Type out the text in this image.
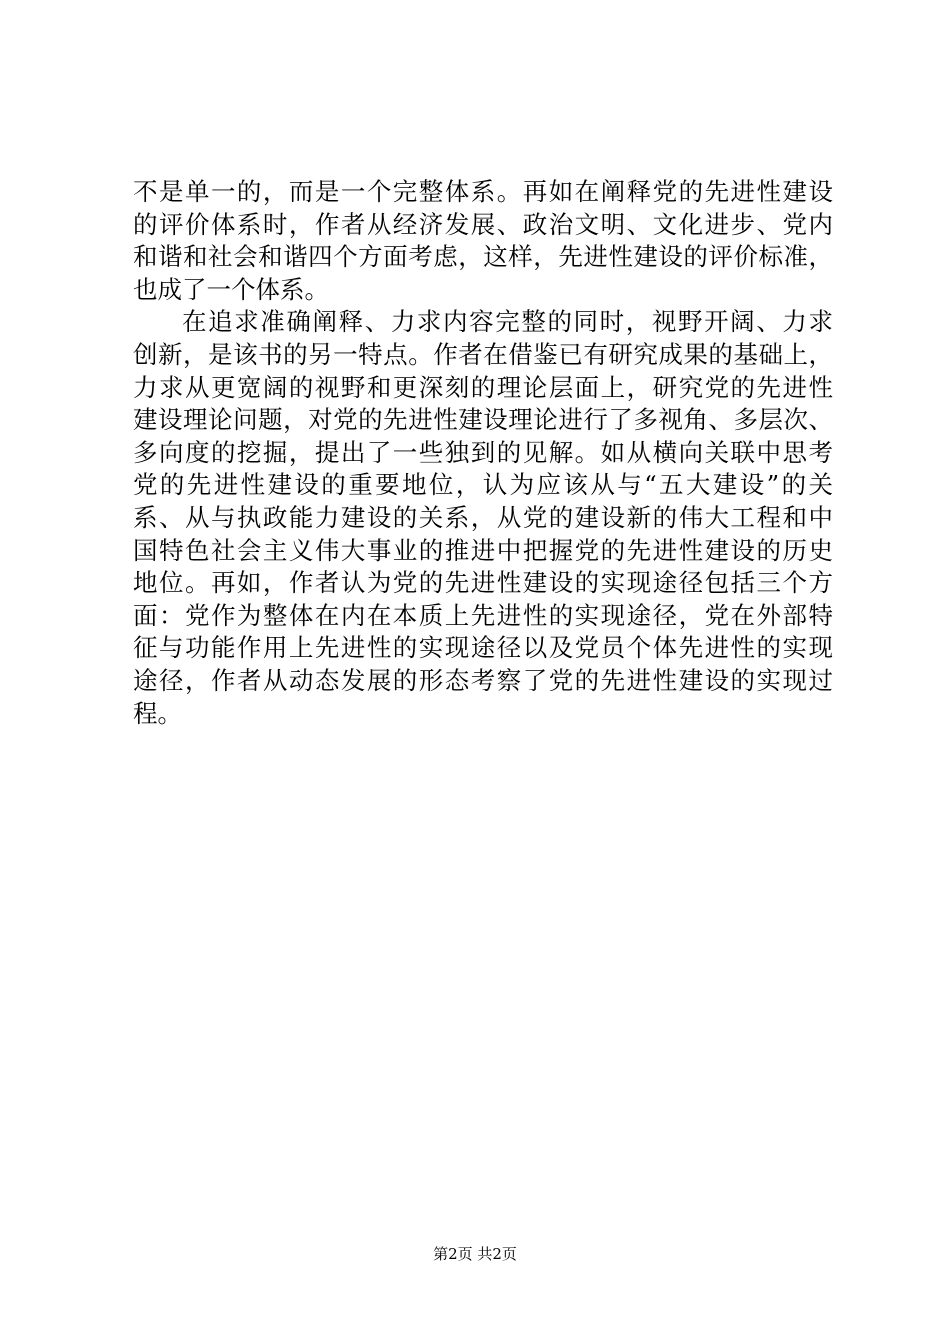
不是单一的，而是一个完整体系。再如在阐释党的先进性建设
的评价体系时，作者从经济发展、政治文明、文化进步、党内
和谐和社会和谐四个方面考虑，这样，先进性建设的评价标准，
也成了一个体系。
在追求准确阐释、力求内容完整的同时，视野开阔、力求
创新，是该书的另一特点。作者在借鉴已有研究成果的基础上，
力求从更宽阔的视野和更深刻的理论层面上，研究党的先进性
建设理论问题，对党的先进性建设理论进行了多视角、多层次、
多向度的挖掘，提出了一些独到的见解。如从横向关联中思考
党的先进性建设的重要地位，认为应该从与“五大建设”的关
系、从与执政能力建设的关系，从党的建设新的伟大工程和中
国特色社会主义伟大事业的推进中把握党的先进性建设的历史
地位。再如，作者认为党的先进性建设的实现途径包括三个方
面：党作为整体在内在本质上先进性的实现途径，党在外部特
征与功能作用上先进性的实现途径以及党员个体先进性的实现
途径，作者从动态发展的形态考察了党的先进性建设的实现过
程。
第2页 共2页
